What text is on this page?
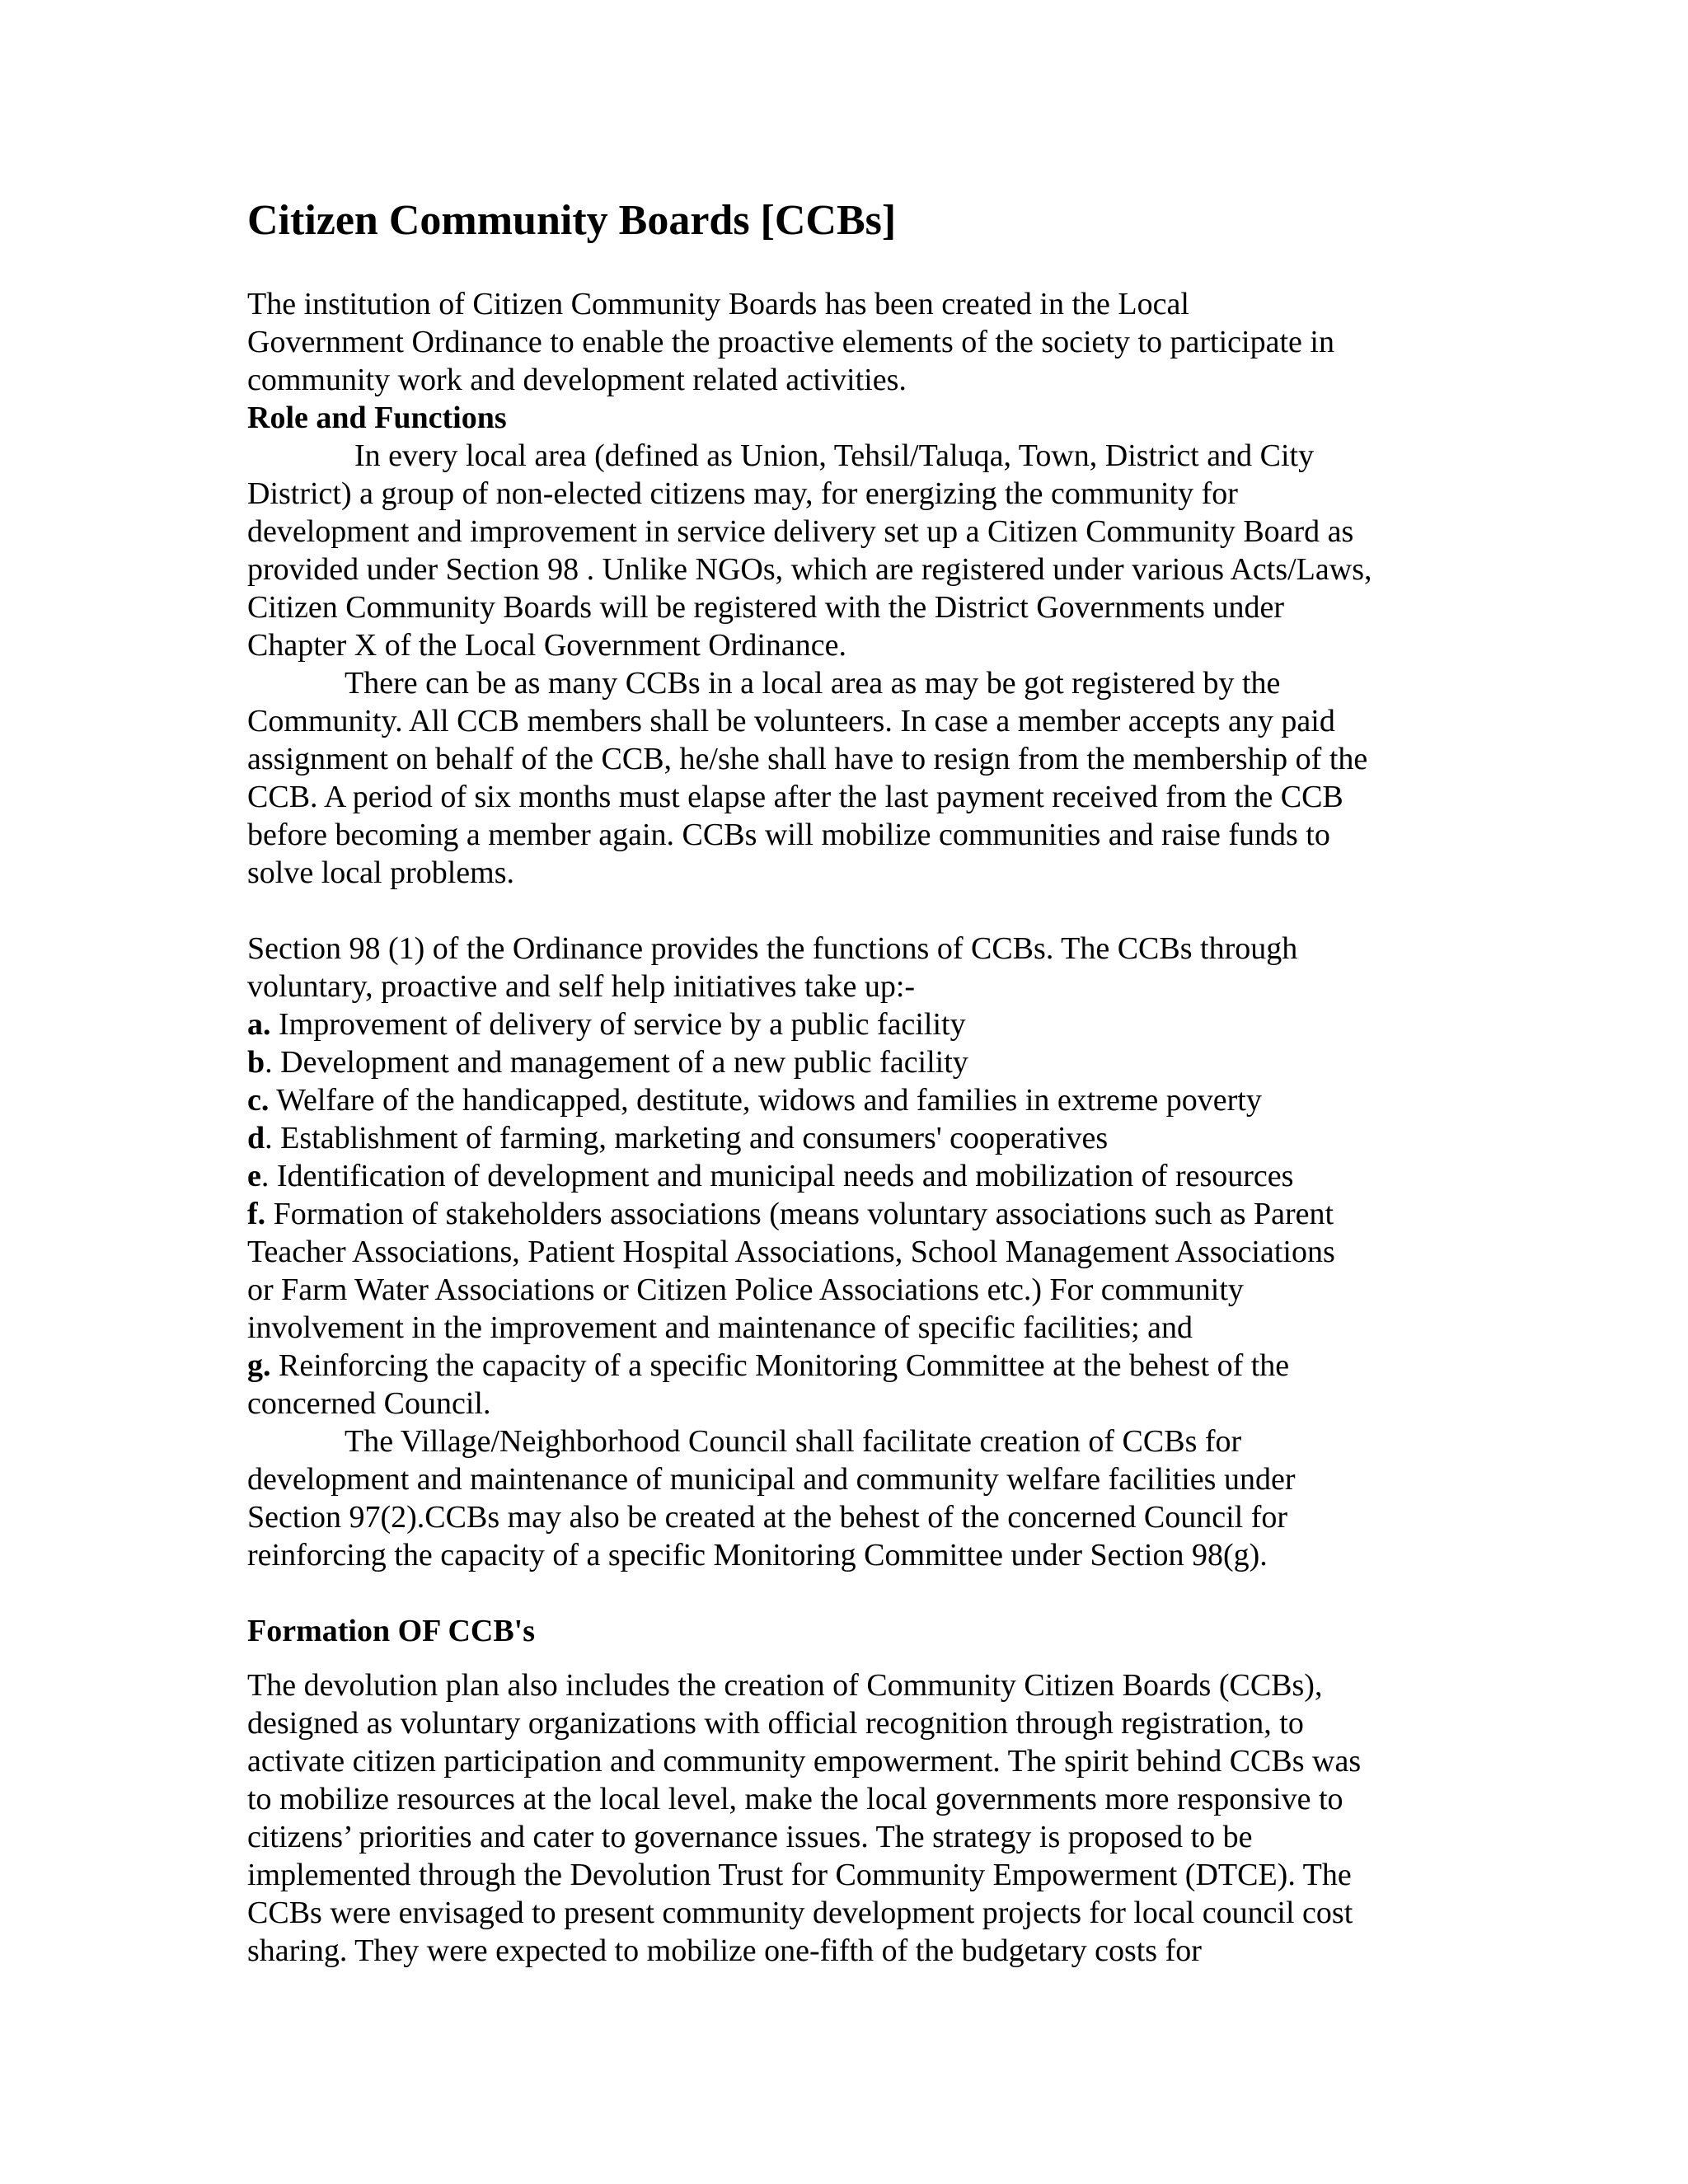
Citizen Community Boards [CCBs]
The institution of Citizen Community Boards has been created in the Local
Government Ordinance to enable the proactive elements of the society to participate in
community work and development related activities.
Role and Functions
In every local area (defined as Union, Tehsil/Taluqa, Town, District and City
District) a group of non-elected citizens may, for energizing the community for
development and improvement in service delivery set up a Citizen Community Board as
provided under Section 98 . Unlike NGOs, which are registered under various Acts/Laws,
Citizen Community Boards will be registered with the District Governments under
Chapter X of the Local Government Ordinance.
There can be as many CCBs in a local area as may be got registered by the
Community. All CCB members shall be volunteers. In case a member accepts any paid
assignment on behalf of the CCB, he/she shall have to resign from the membership of the
CCB. A period of six months must elapse after the last payment received from the CCB
before becoming a member again. CCBs will mobilize communities and raise funds to
solve local problems.
Section 98 (1) of the Ordinance provides the functions of CCBs. The CCBs through
voluntary, proactive and self help initiatives take up:-
a. Improvement of delivery of service by a public facility
b. Development and management of a new public facility
c. Welfare of the handicapped, destitute, widows and families in extreme poverty
d. Establishment of farming, marketing and consumers' cooperatives
e. Identification of development and municipal needs and mobilization of resources
f. Formation of stakeholders associations (means voluntary associations such as Parent
Teacher Associations, Patient Hospital Associations, School Management Associations
or Farm Water Associations or Citizen Police Associations etc.) For community
involvement in the improvement and maintenance of specific facilities; and
g. Reinforcing the capacity of a specific Monitoring Committee at the behest of the
concerned Council.
The Village/Neighborhood Council shall facilitate creation of CCBs for
development and maintenance of municipal and community welfare facilities under
Section 97(2).CCBs may also be created at the behest of the concerned Council for
reinforcing the capacity of a specific Monitoring Committee under Section 98(g).
Formation OF CCB's
The devolution plan also includes the creation of Community Citizen Boards (CCBs),
designed as voluntary organizations with official recognition through registration, to
activate citizen participation and community empowerment. The spirit behind CCBs was
to mobilize resources at the local level, make the local governments more responsive to
citizens’ priorities and cater to governance issues. The strategy is proposed to be
implemented through the Devolution Trust for Community Empowerment (DTCE). The
CCBs were envisaged to present community development projects for local council cost
sharing. They were expected to mobilize one-fifth of the budgetary costs for
